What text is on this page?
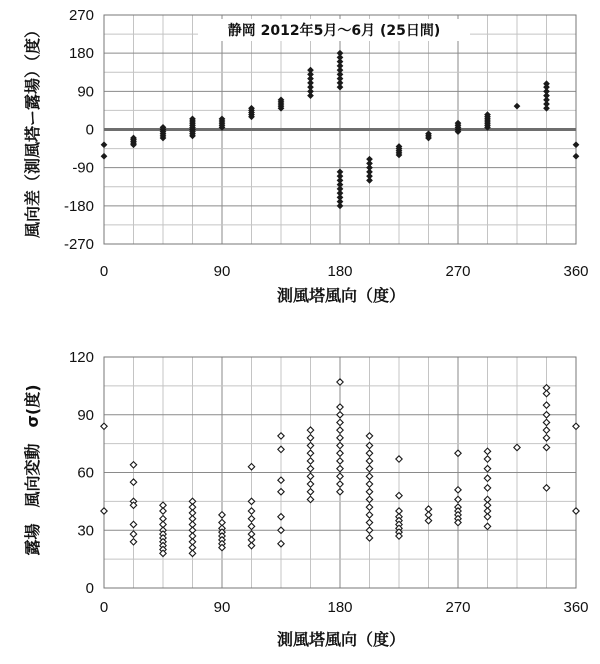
270
180
90
0
-90
-180
-270
0	90	180	270	360
静岡 2012年5月～6月 (25日間)
測風塔風向（度）
風向差（測風塔ー露場）（度）
120
90
60
30
0
0	90	180	270	360
測風塔風向（度）
露場　風向変動　σ(度)
